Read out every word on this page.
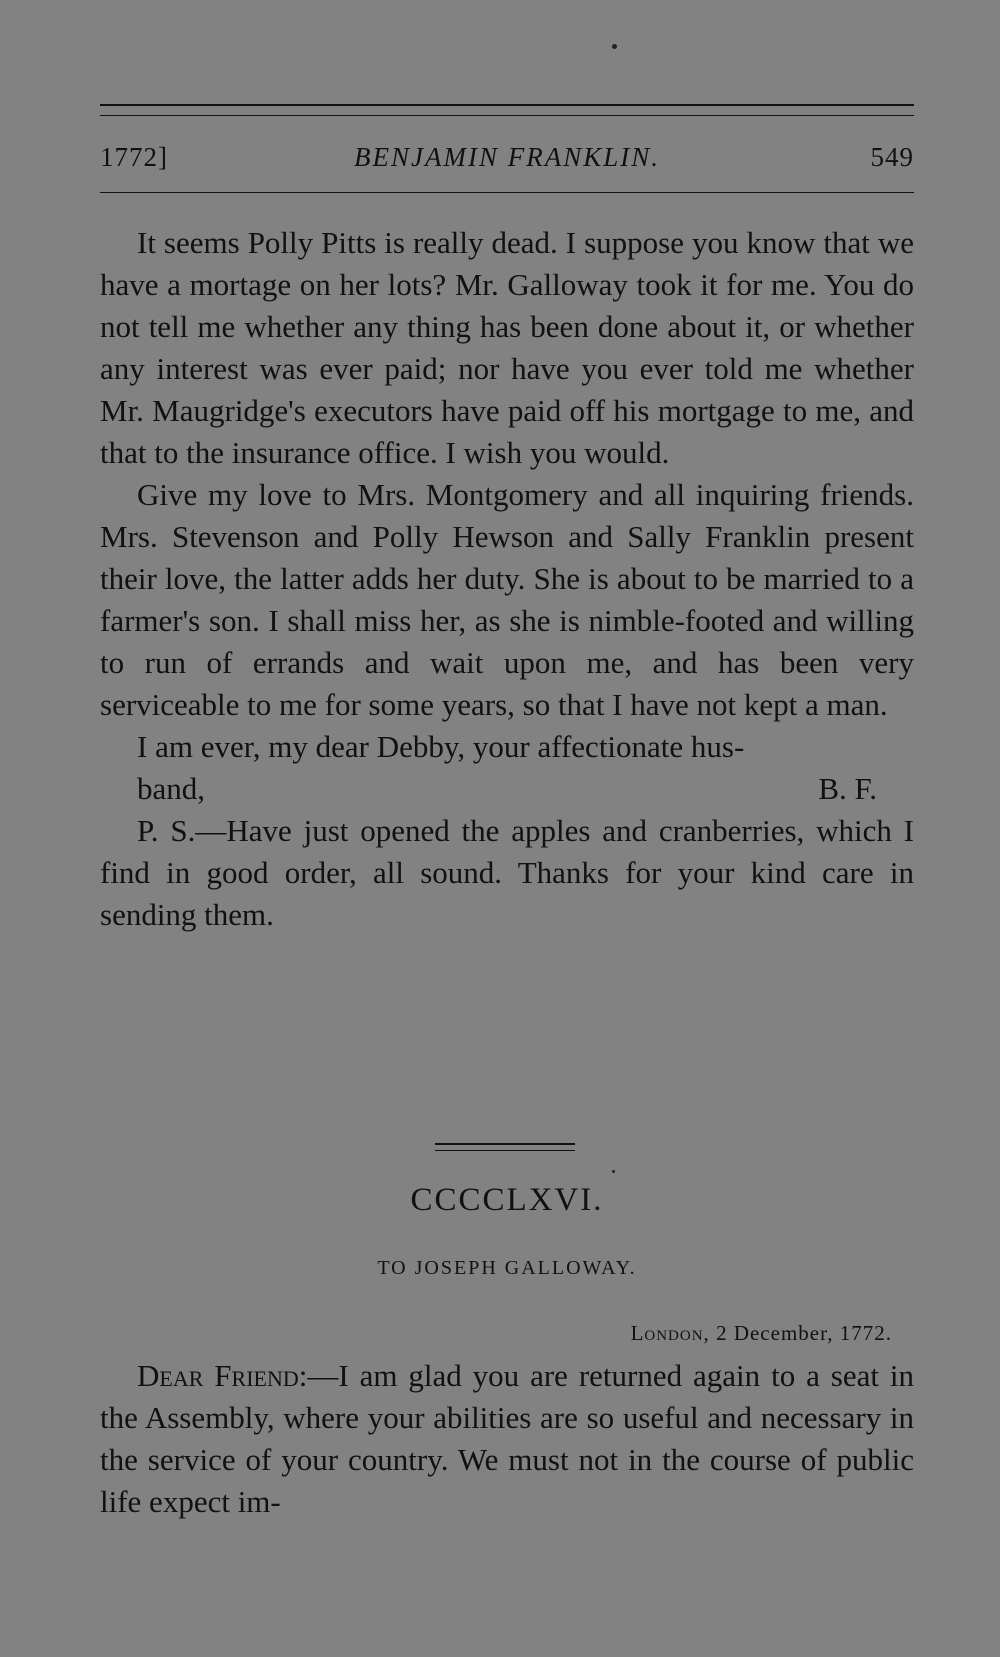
1772]	BENJAMIN FRANKLIN.	549

It seems Polly Pitts is really dead. I suppose you know that we have a mortage on her lots? Mr. Galloway took it for me. You do not tell me whether any thing has been done about it, or whether any interest was ever paid; nor have you ever told me whether Mr. Maugridge's executors have paid off his mortgage to me, and that to the insurance office. I wish you would.

Give my love to Mrs. Montgomery and all inquiring friends. Mrs. Stevenson and Polly Hewson and Sally Franklin present their love, the latter adds her duty. She is about to be married to a farmer's son. I shall miss her, as she is nimble-footed and willing to run of errands and wait upon me, and has been very serviceable to me for some years, so that I have not kept a man.

I am ever, my dear Debby, your affectionate hus-

band,	B. F.

P. S.—Have just opened the apples and cranberries, which I find in good order, all sound. Thanks for your kind care in sending them.

CCCCLXVI.
TO JOSEPH GALLOWAY.
London, 2 December, 1772.

Dear Friend:—I am glad you are returned again to a seat in the Assembly, where your abilities are so useful and necessary in the service of your country. We must not in the course of public life expect im-
